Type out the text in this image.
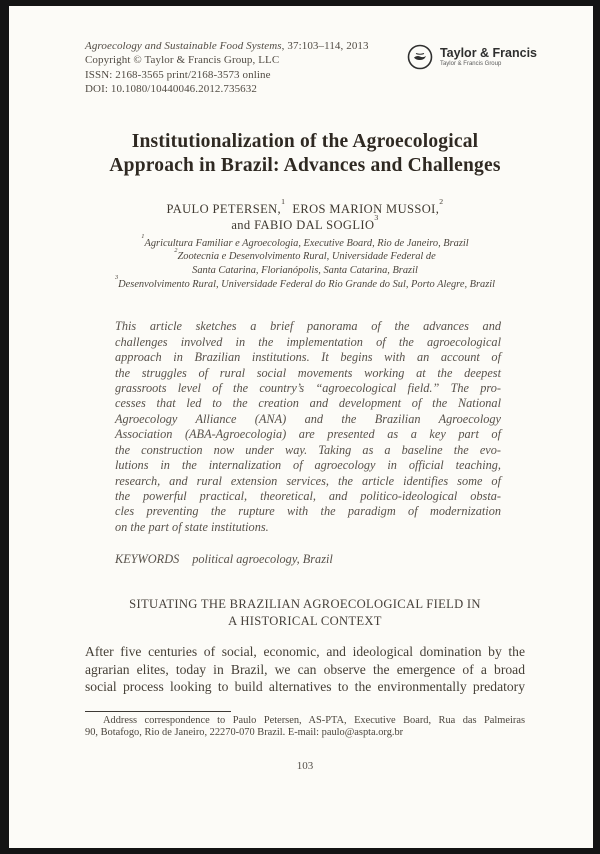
Agroecology and Sustainable Food Systems, 37:103–114, 2013
Copyright © Taylor & Francis Group, LLC
ISSN: 2168-3565 print/2168-3573 online
DOI: 10.1080/10440046.2012.735632
Taylor & Francis
Taylor & Francis Group
Institutionalization of the Agroecological
Approach in Brazil: Advances and Challenges
PAULO PETERSEN,$^1$EROS MARION MUSSOI,$^2$
and FABIO DAL SOGLIO$^3$
$^1$Agricultura Familiar e Agroecologia, Executive Board, Rio de Janeiro, Brazil
$^2$Zootecnia e Desenvolvimento Rural, Universidade Federal de
Santa Catarina, Florianópolis, Santa Catarina, Brazil
$^3$Desenvolvimento Rural, Universidade Federal do Rio Grande do Sul, Porto Alegre, Brazil
This article sketches a brief panorama of the advances and
challenges involved in the implementation of the agroecological
approach in Brazilian institutions. It begins with an account of
the struggles of rural social movements working at the deepest
grassroots level of the country’s “agroecological field.” The pro-
cesses that led to the creation and development of the National
Agroecology Alliance (ANA) and the Brazilian Agroecology
Association (ABA-Agroecologia) are presented as a key part of
the construction now under way. Taking as a baseline the evo-
lutions in the internalization of agroecology in official teaching,
research, and rural extension services, the article identifies some of
the powerful practical, theoretical, and politico-ideological obsta-
cles preventing the rupture with the paradigm of modernization
on the part of state institutions.
KEYWORDS political agroecology, Brazil
SITUATING THE BRAZILIAN AGROECOLOGICAL FIELD IN
A HISTORICAL CONTEXT
After five centuries of social, economic, and ideological domination by the
agrarian elites, today in Brazil, we can observe the emergence of a broad
social process looking to build alternatives to the environmentally predatory
Address correspondence to Paulo Petersen, AS-PTA, Executive Board, Rua das Palmeiras
90, Botafogo, Rio de Janeiro, 22270-070 Brazil. E-mail: paulo@aspta.org.br
103
